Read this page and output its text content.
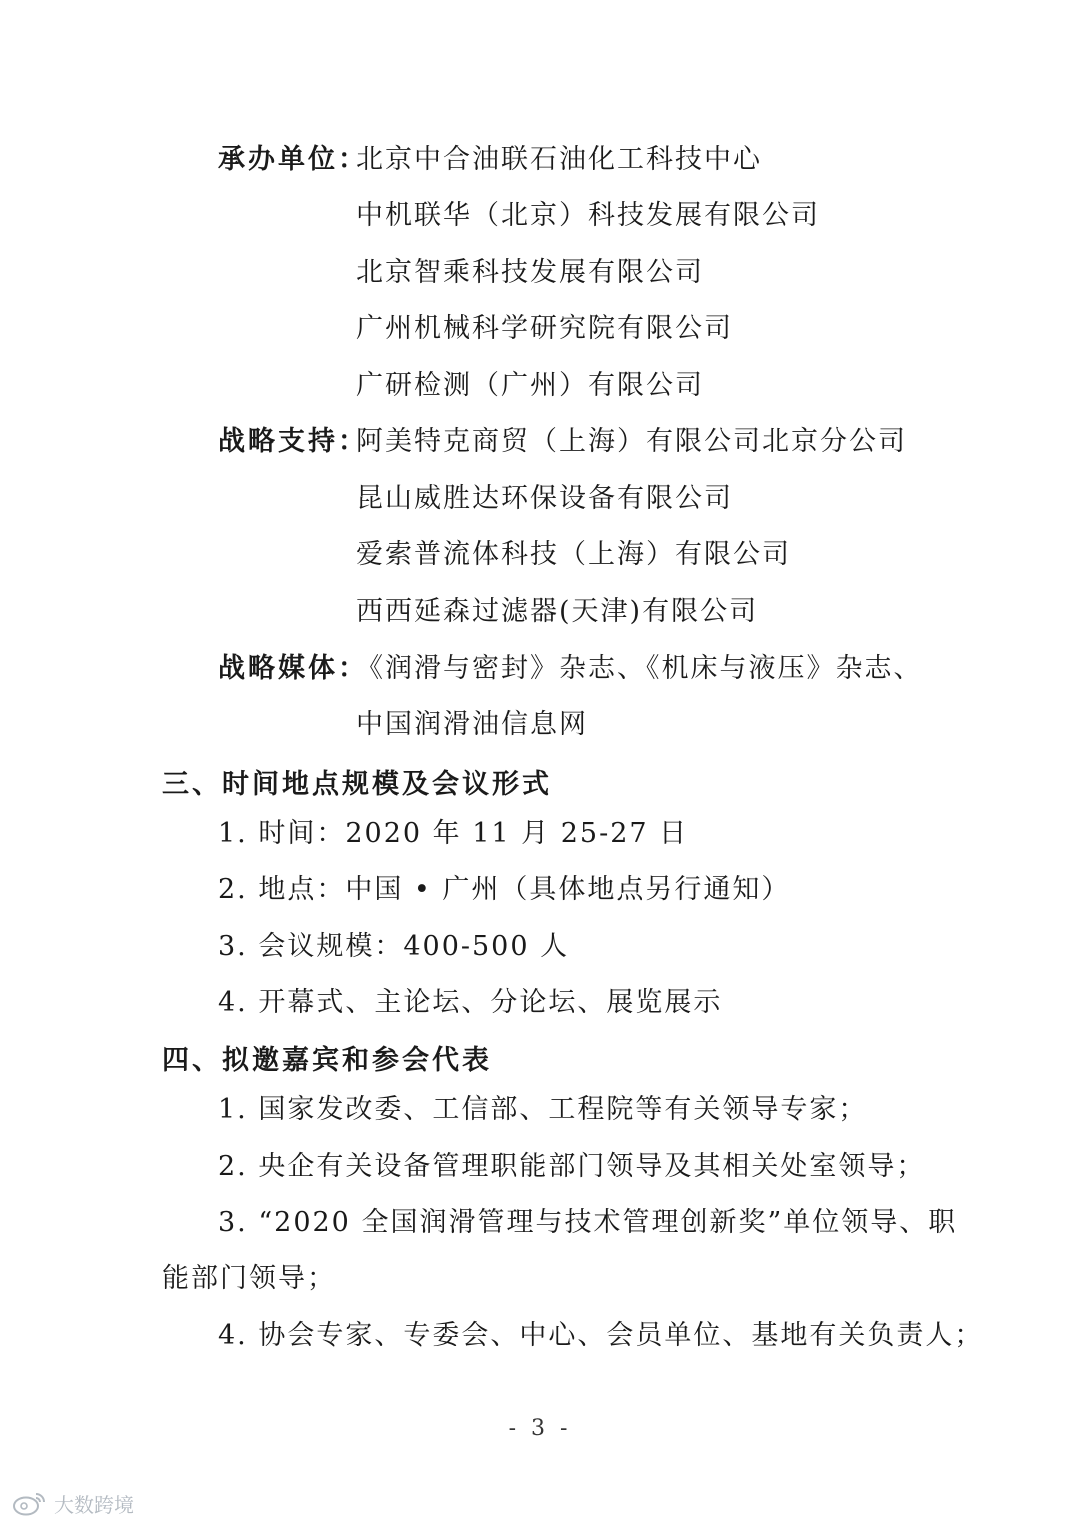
承办单位：
北京中合油联石油化工科技中心
中机联华（北京）科技发展有限公司
北京智乘科技发展有限公司
广州机械科学研究院有限公司
广研检测（广州）有限公司
战略支持：
阿美特克商贸（上海）有限公司北京分公司
昆山威胜达环保设备有限公司
爱索普流体科技（上海）有限公司
西西延森过滤器(天津)有限公司
战略媒体：
《润滑与密封》杂志、《机床与液压》杂志、
中国润滑油信息网
三、时间地点规模及会议形式
1. 时间：2020 年 11 月 25-27 日
2. 地点：中国 • 广州（具体地点另行通知）
3. 会议规模：400-500 人
4. 开幕式、主论坛、分论坛、展览展示
四、拟邀嘉宾和参会代表
1. 国家发改委、工信部、工程院等有关领导专家；
2. 央企有关设备管理职能部门领导及其相关处室领导；
3. “2020 全国润滑管理与技术管理创新奖”单位领导、职
能部门领导；
4. 协会专家、专委会、中心、会员单位、基地有关负责人；
- 3 -
大数跨境
